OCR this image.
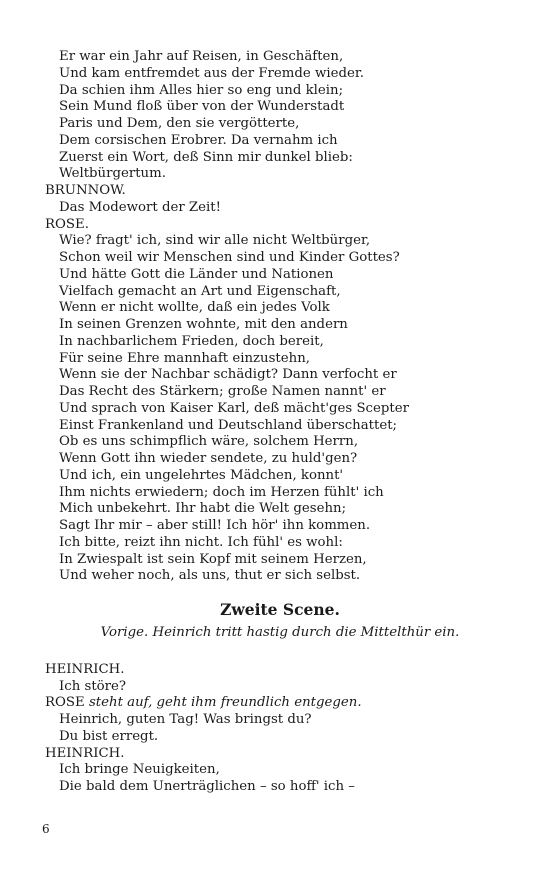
Er war ein Jahr auf Reisen, in Geschäften,
Und kam entfremdet aus der Fremde wieder.
Da schien ihm Alles hier so eng und klein;
Sein Mund floß über von der Wunderstadt
Paris und Dem, den sie vergötterte,
Dem corsischen Erobrer. Da vernahm ich
Zuerst ein Wort, deß Sinn mir dunkel blieb:
Weltbürgertum.
BRÜNNOW.
Das Modewort der Zeit!
ROSE.
Wie? fragt' ich, sind wir alle nicht Weltbürger,
Schon weil wir Menschen sind und Kinder Gottes?
Und hätte Gott die Länder und Nationen
Vielfach gemacht an Art und Eigenschaft,
Wenn er nicht wollte, daß ein jedes Volk
In seinen Grenzen wohnte, mit den andern
In nachbarlichem Frieden, doch bereit,
Für seine Ehre mannhaft einzustehn,
Wenn sie der Nachbar schädigt? Dann verfocht er
Das Recht des Stärkern; große Namen nannt' er
Und sprach von Kaiser Karl, deß mächt'ges Scepter
Einst Frankenland und Deutschland überschattet;
Ob es uns schimpflich wäre, solchem Herrn,
Wenn Gott ihn wieder sendete, zu huld'gen?
Und ich, ein ungelehrtes Mädchen, konnt'
Ihm nichts erwiedern; doch im Herzen fühlt' ich
Mich unbekehrt. Ihr habt die Welt gesehn;
Sagt Ihr mir – aber still! Ich hör' ihn kommen.
Ich bitte, reizt ihn nicht. Ich fühl' es wohl:
In Zwiespalt ist sein Kopf mit seinem Herzen,
Und weher noch, als uns, thut er sich selbst.
Zweite Scene.
Vorige. Heinrich tritt hastig durch die Mittelthür ein.
HEINRICH.
Ich störe?
ROSE steht auf, geht ihm freundlich entgegen.
Heinrich, guten Tag! Was bringst du?
Du bist erregt.
HEINRICH.
Ich bringe Neuigkeiten,
Die bald dem Unerträglichen – so hoff' ich –
6
